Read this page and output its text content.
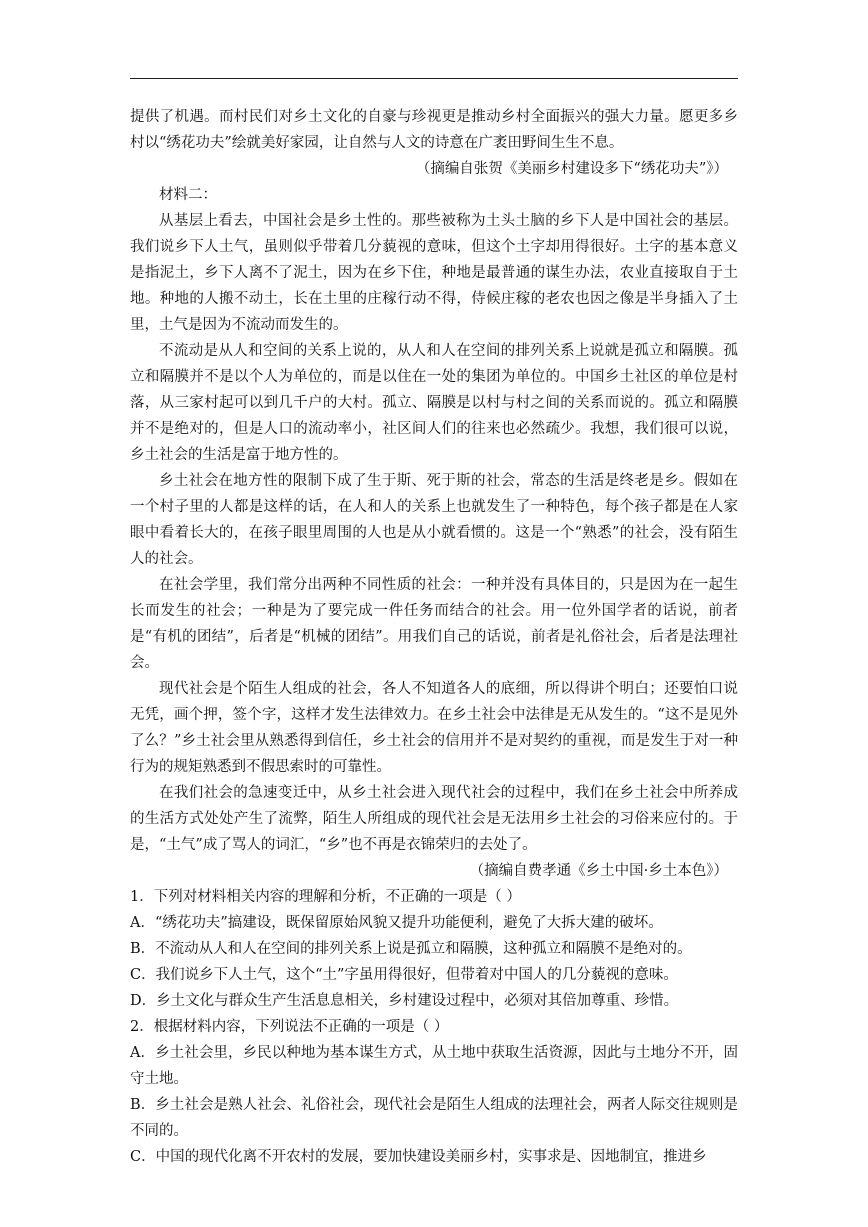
提供了机遇。而村民们对乡土文化的自豪与珍视更是推动乡村全面振兴的强大力量。愿更多乡村以“绣花功夫”绘就美好家园，让自然与人文的诗意在广袤田野间生生不息。

（摘编自张贺《美丽乡村建设多下“绣花功夫”》）

材料二：

从基层上看去，中国社会是乡土性的。那些被称为土头土脑的乡下人是中国社会的基层。我们说乡下人土气，虽则似乎带着几分藐视的意味，但这个土字却用得很好。土字的基本意义是指泥土，乡下人离不了泥土，因为在乡下住，种地是最普通的谋生办法，农业直接取自于土地。种地的人搬不动土，长在土里的庄稼行动不得，侍候庄稼的老农也因之像是半身插入了土里，土气是因为不流动而发生的。

不流动是从人和空间的关系上说的，从人和人在空间的排列关系上说就是孤立和隔膜。孤立和隔膜并不是以个人为单位的，而是以住在一处的集团为单位的。中国乡土社区的单位是村落，从三家村起可以到几千户的大村。孤立、隔膜是以村与村之间的关系而说的。孤立和隔膜并不是绝对的，但是人口的流动率小，社区间人们的往来也必然疏少。我想，我们很可以说，乡土社会的生活是富于地方性的。

乡土社会在地方性的限制下成了生于斯、死于斯的社会，常态的生活是终老是乡。假如在一个村子里的人都是这样的话，在人和人的关系上也就发生了一种特色，每个孩子都是在人家眼中看着长大的，在孩子眼里周围的人也是从小就看惯的。这是一个“熟悉”的社会，没有陌生人的社会。

在社会学里，我们常分出两种不同性质的社会：一种并没有具体目的，只是因为在一起生长而发生的社会；一种是为了要完成一件任务而结合的社会。用一位外国学者的话说，前者是“有机的团结”，后者是“机械的团结”。用我们自己的话说，前者是礼俗社会，后者是法理社会。

现代社会是个陌生人组成的社会，各人不知道各人的底细，所以得讲个明白；还要怕口说无凭，画个押，签个字，这样才发生法律效力。在乡土社会中法律是无从发生的。“这不是见外了么？”乡土社会里从熟悉得到信任，乡土社会的信用并不是对契约的重视，而是发生于对一种行为的规矩熟悉到不假思索时的可靠性。

在我们社会的急速变迁中，从乡土社会进入现代社会的过程中，我们在乡土社会中所养成的生活方式处处产生了流弊，陌生人所组成的现代社会是无法用乡土社会的习俗来应付的。于是，“土气”成了骂人的词汇，“乡”也不再是衣锦荣归的去处了。

（摘编自费孝通《乡土中国·乡土本色》）

1．下列对材料相关内容的理解和分析，不正确的一项是（ ）

A．“绣花功夫”搞建设，既保留原始风貌又提升功能便利，避免了大拆大建的破坏。

B．不流动从人和人在空间的排列关系上说是孤立和隔膜，这种孤立和隔膜不是绝对的。

C．我们说乡下人土气，这个“土”字虽用得很好，但带着对中国人的几分藐视的意味。

D．乡土文化与群众生产生活息息相关，乡村建设过程中，必须对其倍加尊重、珍惜。

2．根据材料内容，下列说法不正确的一项是（ ）

A．乡土社会里，乡民以种地为基本谋生方式，从土地中获取生活资源，因此与土地分不开，固守土地。

B．乡土社会是熟人社会、礼俗社会，现代社会是陌生人组成的法理社会，两者人际交往规则是不同的。

C．中国的现代化离不开农村的发展，要加快建设美丽乡村，实事求是、因地制宜，推进乡
